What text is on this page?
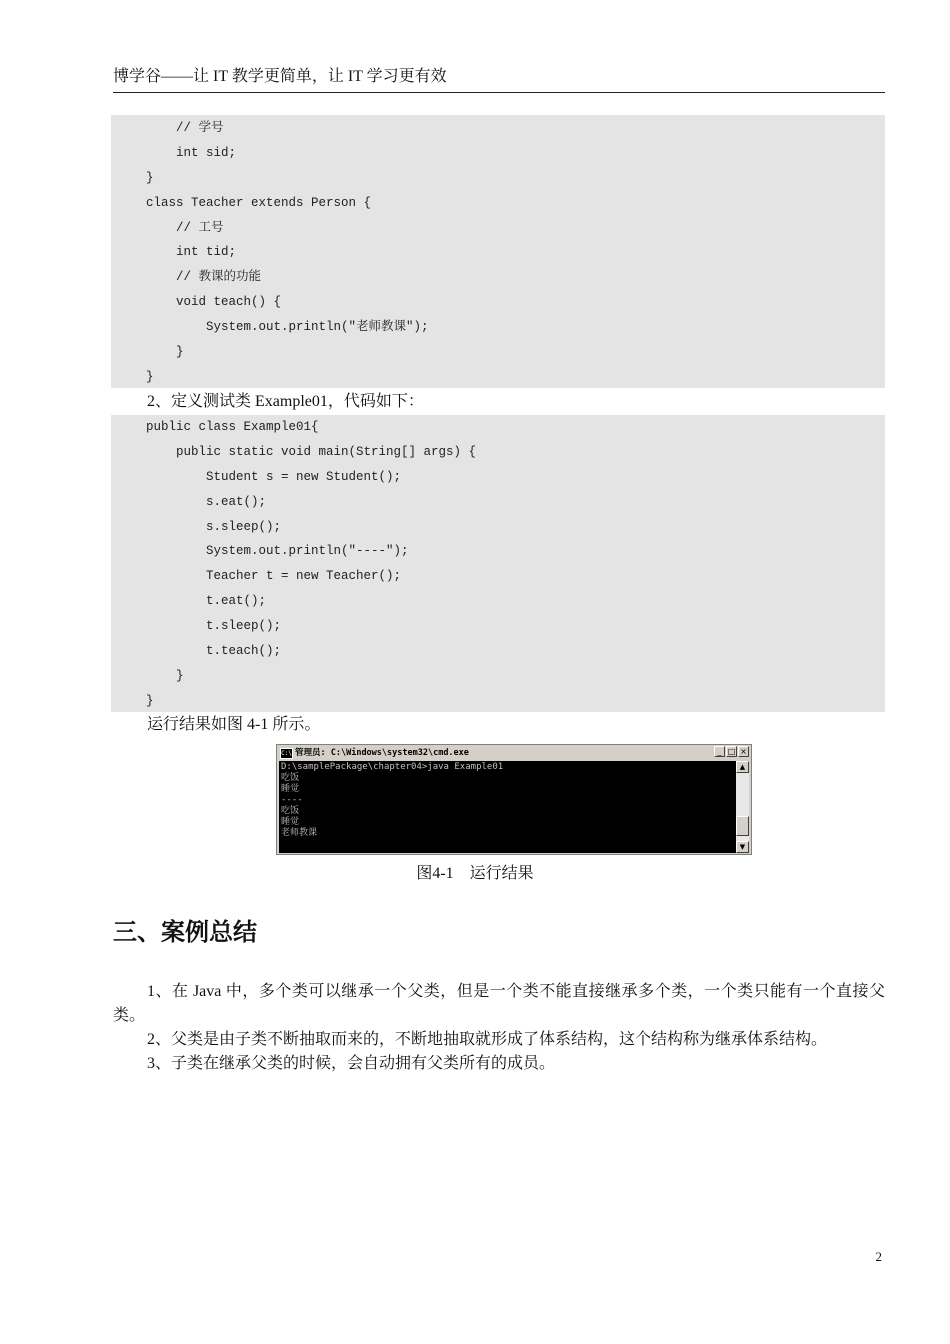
博学谷——让 IT 教学更简单，让 IT 学习更有效
// 学号
int sid;
}
class Teacher extends Person {
// 工号
int tid;
// 教课的功能
void teach() {
System.out.println("老师教课");
}
}
2、定义测试类 Example01，代码如下：
public class Example01{
public static void main(String[] args) {
Student s = new Student();
s.eat();
s.sleep();
System.out.println("----");
Teacher t = new Teacher();
t.eat();
t.sleep();
t.teach();
}
}
运行结果如图 4-1 所示。
C:\ 管理员: C:\Windows\system32\cmd.exe	_ □ ×
D:\samplePackage\chapter04>java Example01
吃饭
睡觉
----
吃饭
睡觉
老师教课
▲
▼
图4-1　运行结果
三、案例总结
1、在 Java 中，多个类可以继承一个父类，但是一个类不能直接继承多个类，一个类只能有一个直接父类。
2、父类是由子类不断抽取而来的，不断地抽取就形成了体系结构，这个结构称为继承体系结构。
3、子类在继承父类的时候，会自动拥有父类所有的成员。
2
